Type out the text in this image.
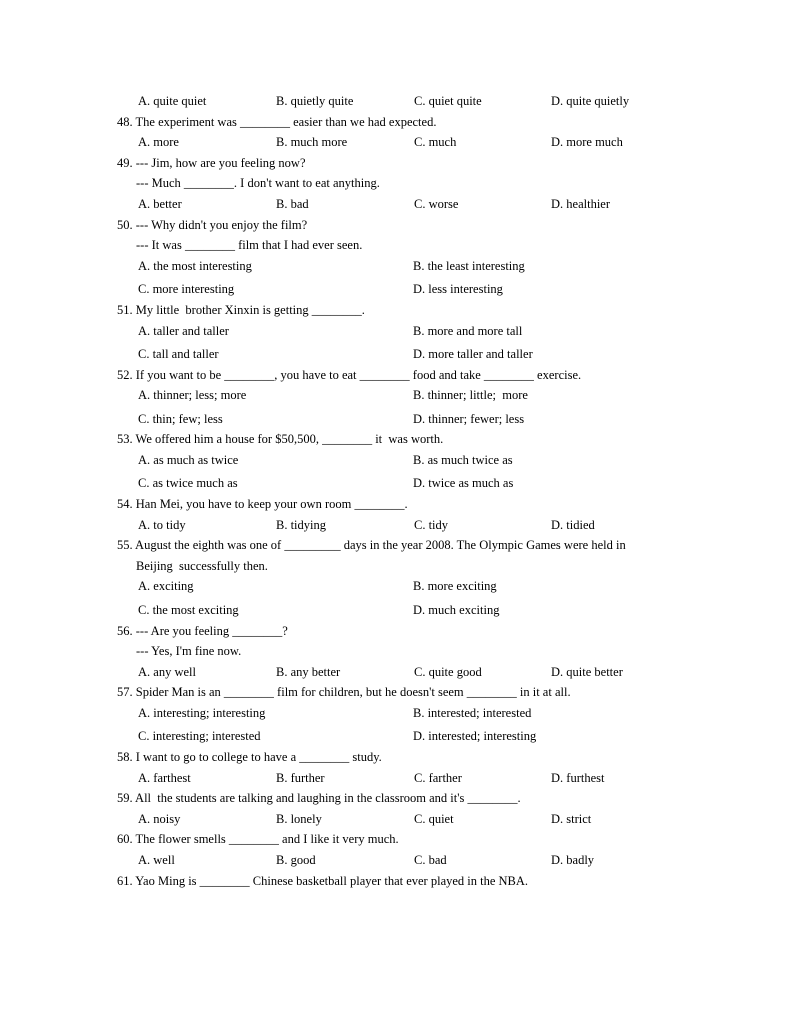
A. quite quiet	B. quietly quite	C. quiet quite	D. quite quietly
48. The experiment was ________ easier than we had expected.
A. more	B. much more	C. much	D. more much
49. --- Jim, how are you feeling now?
--- Much ________. I don't want to eat anything.
A. better	B. bad	C. worse	D. healthier
50. --- Why didn't you enjoy the film?
--- It was ________ film that I had ever seen.
A. the most interesting	B. the least interesting
C. more interesting	D. less interesting
51. My little  brother Xinxin is getting ________.
A. taller and taller	B. more and more tall
C. tall and taller	D. more taller and taller
52. If you want to be ________, you have to eat ________ food and take ________ exercise.
A. thinner; less; more	B. thinner; little;  more
C. thin; few; less	D. thinner; fewer; less
53. We offered him a house for $50,500, ________ it  was worth.
A. as much as twice	B. as much twice as
C. as twice much as	D. twice as much as
54. Han Mei, you have to keep your own room ________.
A. to tidy	B. tidying	C. tidy	D. tidied
55. August the eighth was one of _________ days in the year 2008. The Olympic Games were held in
Beijing  successfully then.
A. exciting	B. more exciting
C. the most exciting	D. much exciting
56. --- Are you feeling ________?
--- Yes, I'm fine now.
A. any well	B. any better	C. quite good	D. quite better
57. Spider Man is an ________ film for children, but he doesn't seem ________ in it at all.
A. interesting; interesting	B. interested; interested
C. interesting; interested	D. interested; interesting
58. I want to go to college to have a ________ study.
A. farthest	B. further	C. farther	D. furthest
59. All  the students are talking and laughing in the classroom and it's ________.
A. noisy	B. lonely	C. quiet	D. strict
60. The flower smells ________ and I like it very much.
A. well	B. good	C. bad	D. badly
61. Yao Ming is ________ Chinese basketball player that ever played in the NBA.
